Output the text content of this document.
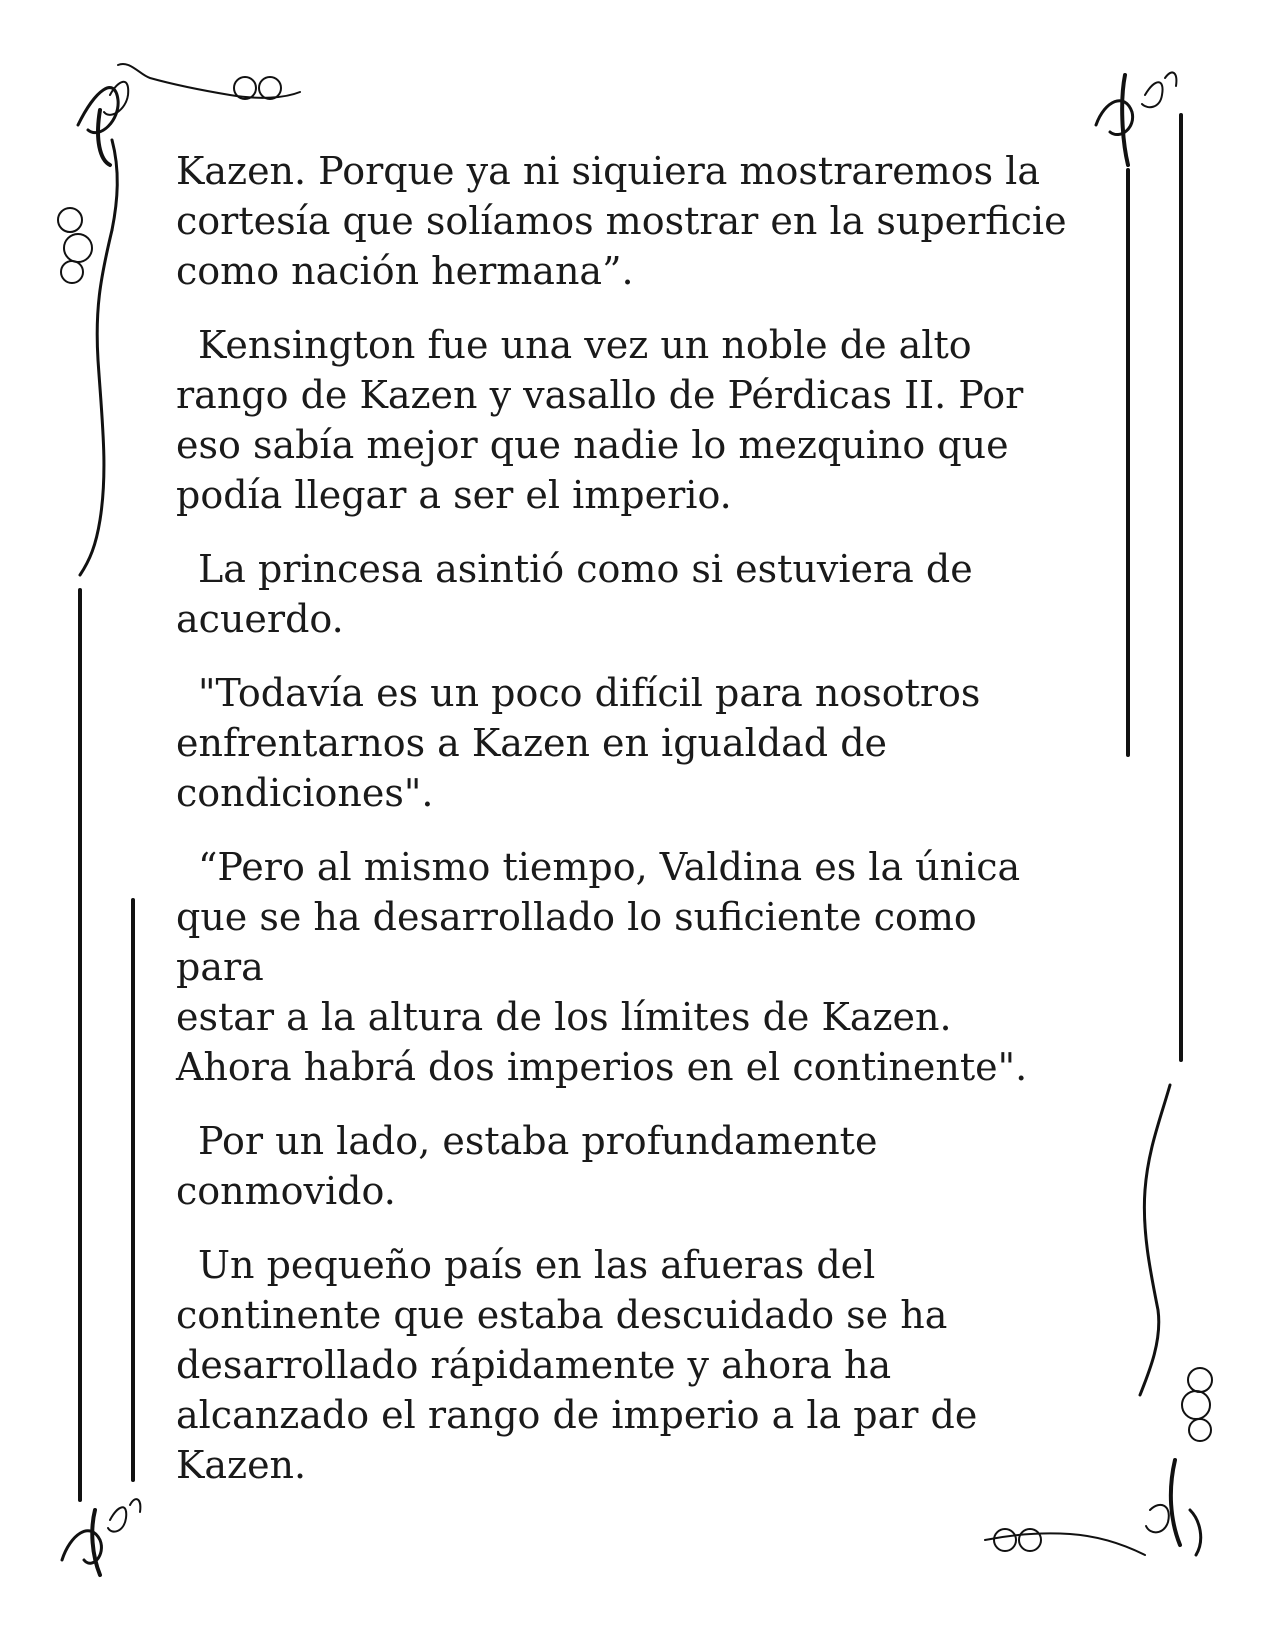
Kazen. Porque ya ni siquiera mostraremos la
cortesía que solíamos mostrar en la superficie
como nación hermana”.

Kensington fue una vez un noble de alto
rango de Kazen y vasallo de Pérdicas II. Por
eso sabía mejor que nadie lo mezquino que
podía llegar a ser el imperio.

La princesa asintió como si estuviera de
acuerdo.

"Todavía es un poco difícil para nosotros
enfrentarnos a Kazen en igualdad de
condiciones".

“Pero al mismo tiempo, Valdina es la única
que se ha desarrollado lo suficiente como para
estar a la altura de los límites de Kazen.
Ahora habrá dos imperios en el continente".

Por un lado, estaba profundamente
conmovido.

Un pequeño país en las afueras del
continente que estaba descuidado se ha
desarrollado rápidamente y ahora ha
alcanzado el rango de imperio a la par de
Kazen.
